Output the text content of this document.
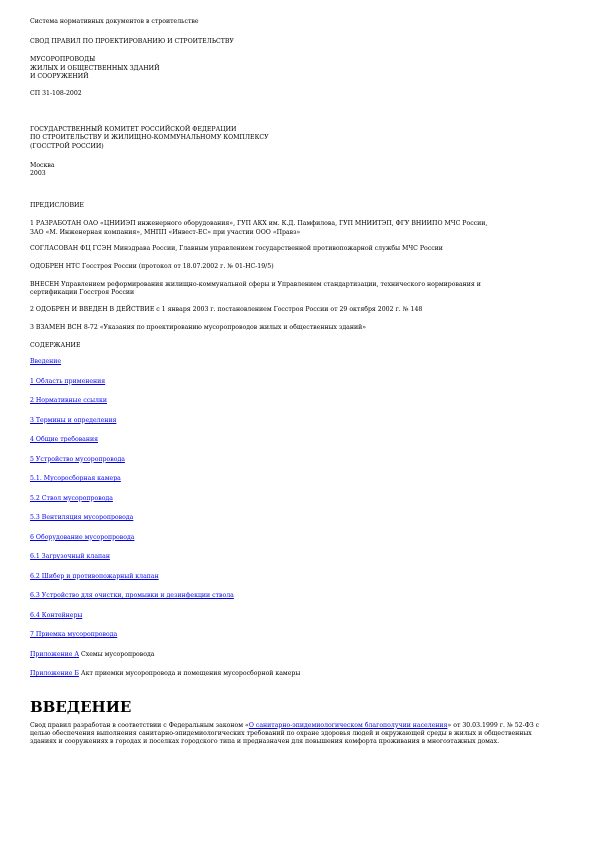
Система нормативных документов в строительстве

СВОД ПРАВИЛ ПО ПРОЕКТИРОВАНИЮ И СТРОИТЕЛЬСТВУ

МУСОРОПРОВОДЫ

ЖИЛЫХ И ОБЩЕСТВЕННЫХ ЗДАНИЙ

И СООРУЖЕНИЙ

СП 31-108-2002

ГОСУДАРСТВЕННЫЙ КОМИТЕТ РОССИЙСКОЙ ФЕДЕРАЦИИ

ПО СТРОИТЕЛЬСТВУ И ЖИЛИЩНО-КОММУНАЛЬНОМУ КОМПЛЕКСУ

(ГОССТРОЙ РОССИИ)

Москва

2003

ПРЕДИСЛОВИЕ

1 РАЗРАБОТАН ОАО «ЦНИИЭП инженерного оборудования», ГУП АКХ им. К.Д. Памфилова, ГУП МНИИТЭП, ФГУ ВНИИПО МЧС России,

ЗАО «М. Инженерная компания», МНПП «Инвест-ЕС» при участии ООО «Правз»

СОГЛАСОВАН ФЦ ГСЭН Минздрава России, Главным управлением государственной противопожарной службы МЧС России

ОДОБРЕН НТС Госстроя России (протокол от 18.07.2002 г. № 01-НС-19/5)

ВНЕСЕН Управлением реформирования жилищно-коммунальной сферы и Управлением стандартизации, технического нормирования и

сертификации Госстроя России

2 ОДОБРЕН И ВВЕДЕН В ДЕЙСТВИЕ с 1 января 2003 г. постановлением Госстроя России от 29 октября 2002 г. № 148

3 ВЗАМЕН ВСН 8-72 «Указания по проектированию мусоропроводов жилых и общественных зданий»

СОДЕРЖАНИЕ

Введение

1 Область применения

2 Нормативные ссылки

3 Термины и определения

4 Общие требования

5 Устройство мусоропровода

5.1. Мусоросборная камера

5.2 Ствол мусоропровода

5.3 Вентиляция мусоропровода

6 Оборудование мусоропровода

6.1 Загрузочный клапан

6.2 Шибер и противопожарный клапан

6.3 Устройство для очистки, промывки и дезинфекции ствола

6.4 Контейнеры

7 Приемка мусоропровода

Приложение А Схемы мусоропровода

Приложение Б Акт приемки мусоропровода и помещения мусоросборной камеры

ВВЕДЕНИЕ

Свод правил разработан в соответствии с Федеральным законом «О санитарно-эпидемиологическом благополучии населения» от 30.03.1999 г. № 52-ФЗ с целью обеспечения выполнения санитарно-эпидемиологических требований по охране здоровья людей и окружающей среды в жилых и общественных зданиях и сооружениях в городах и поселках городского типа и предназначен для повышения комфорта проживания в многоэтажных домах.
